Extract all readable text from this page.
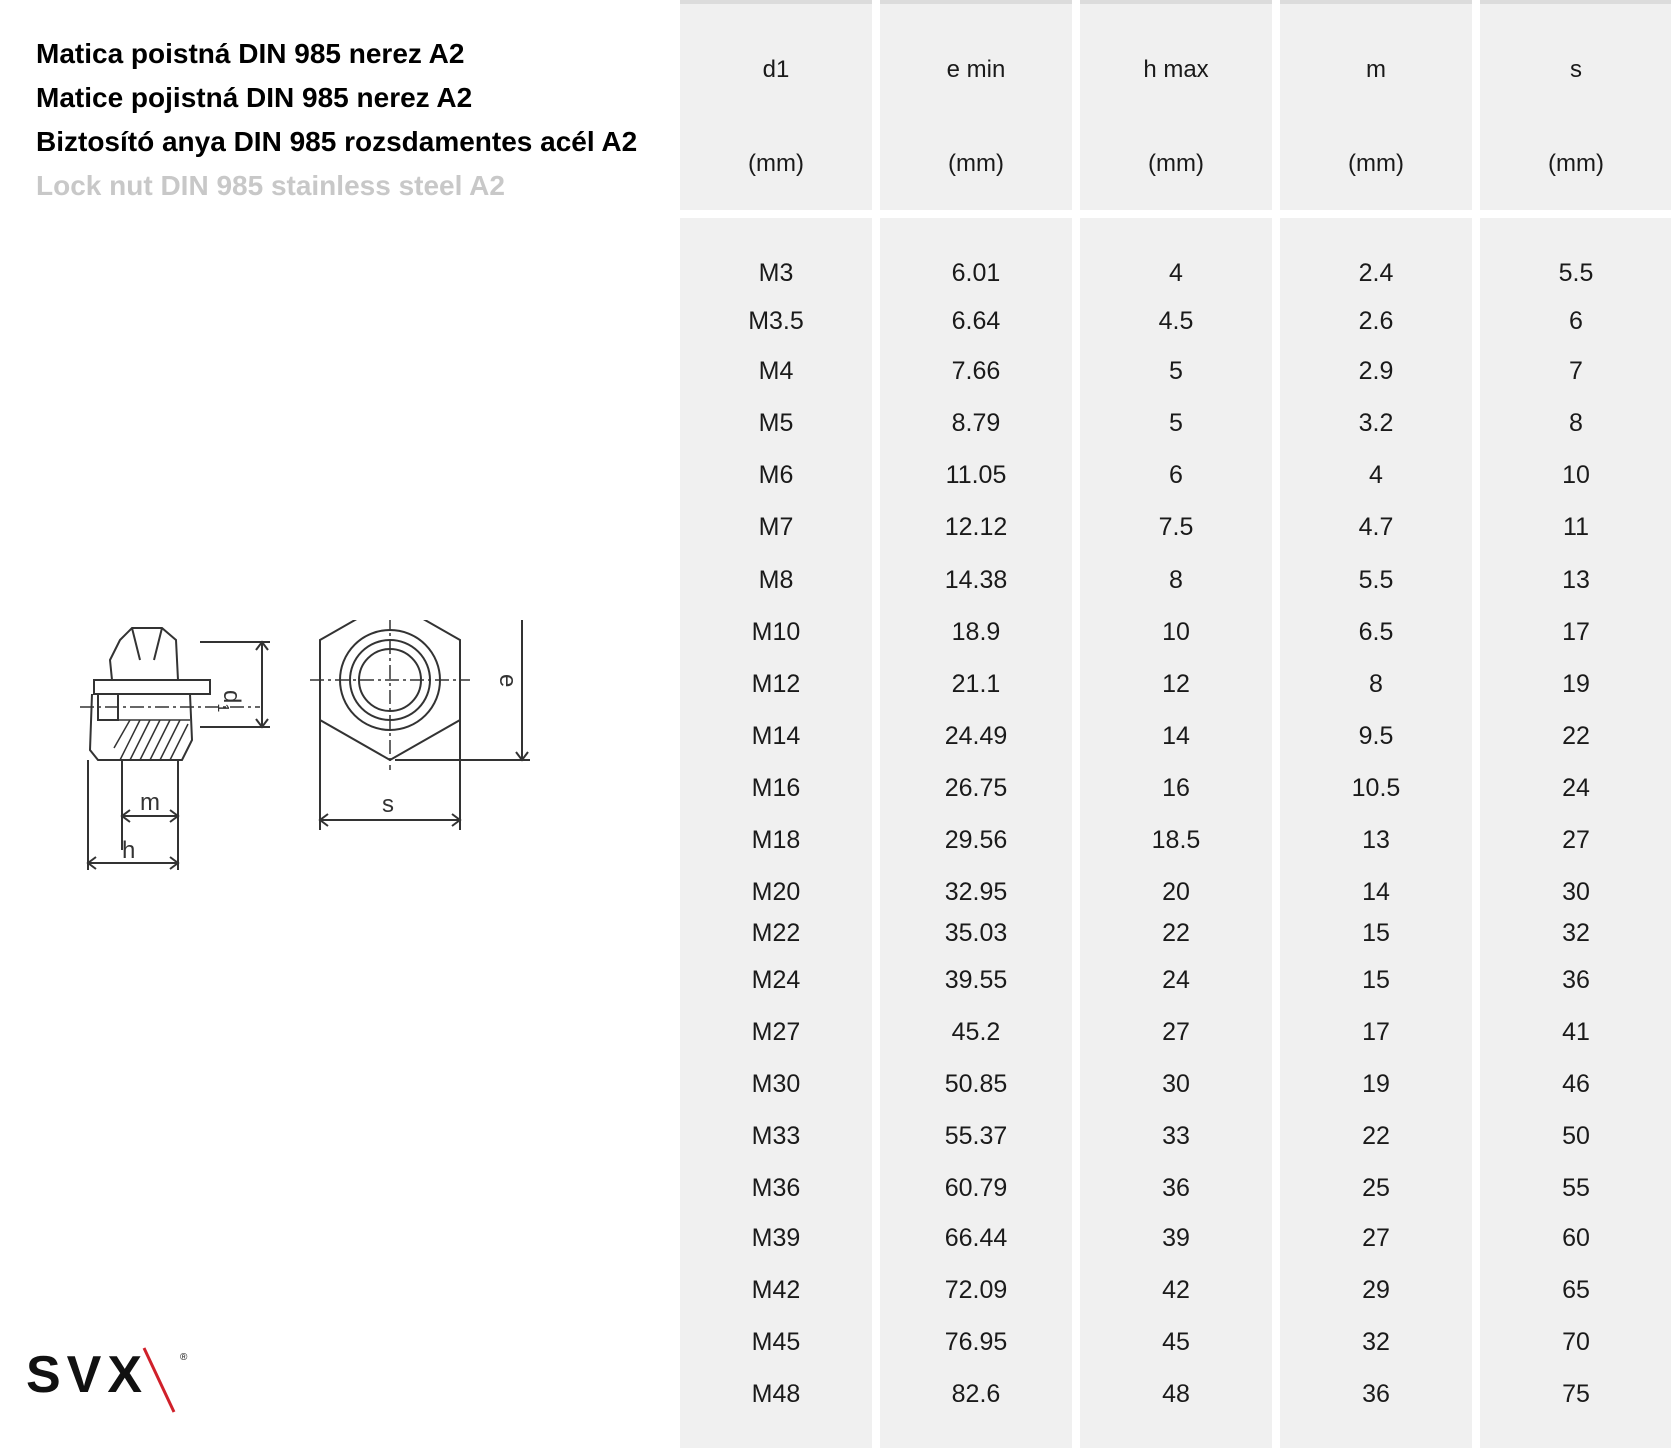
Matica poistná DIN 985 nerez A2
Matice pojistná DIN 985 nerez A2
Biztosító anya DIN 985 rozsdamentes acél A2
Lock nut DIN 985 stainless steel A2
$d_1$
e
s
m
h
SVX	®
d1
(mm)
M3
M3.5
M4
M5
M6
M7
M8
M10
M12
M14
M16
M18
M20
M22
M24
M27
M30
M33
M36
M39
M42
M45
M48
e min
(mm)
6.01
6.64
7.66
8.79
11.05
12.12
14.38
18.9
21.1
24.49
26.75
29.56
32.95
35.03
39.55
45.2
50.85
55.37
60.79
66.44
72.09
76.95
82.6
h max
(mm)
4
4.5
5
5
6
7.5
8
10
12
14
16
18.5
20
22
24
27
30
33
36
39
42
45
48
m
(mm)
2.4
2.6
2.9
3.2
4
4.7
5.5
6.5
8
9.5
10.5
13
14
15
15
17
19
22
25
27
29
32
36
s
(mm)
5.5
6
7
8
10
11
13
17
19
22
24
27
30
32
36
41
46
50
55
60
65
70
75
